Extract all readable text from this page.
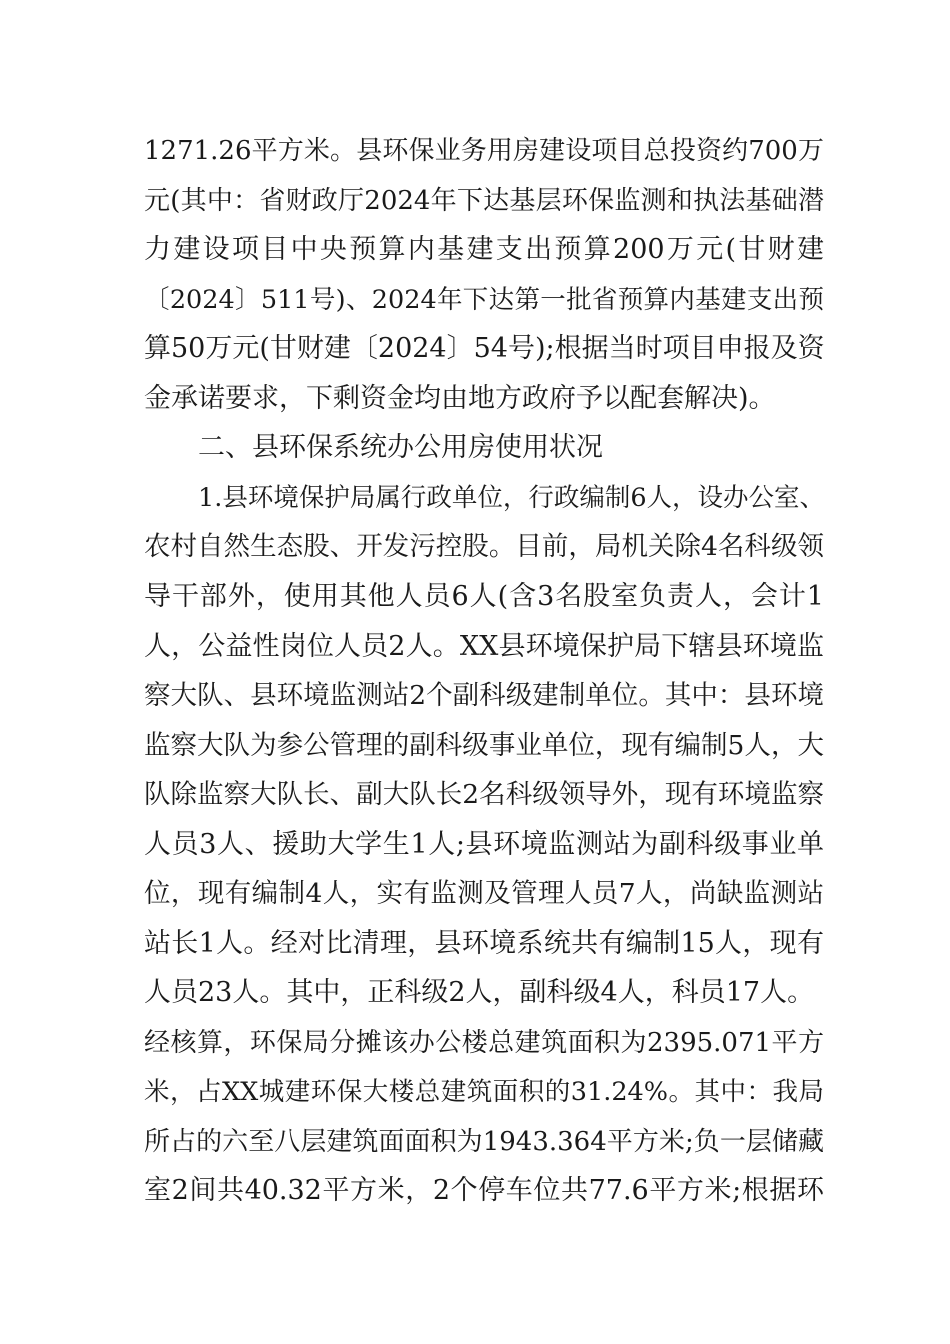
1271.26平方米。县环保业务用房建设项目总投资约700万
元(其中：省财政厅2024年下达基层环保监测和执法基础潜
力建设项目中央预算内基建支出预算200万元(甘财建
〔2024〕511号)、2024年下达第一批省预算内基建支出预
算50万元(甘财建〔2024〕54号);根据当时项目申报及资
金承诺要求，下剩资金均由地方政府予以配套解决)。
二、县环保系统办公用房使用状况
1.县环境保护局属行政单位，行政编制6人，设办公室、
农村自然生态股、开发污控股。目前，局机关除4名科级领
导干部外，使用其他人员6人(含3名股室负责人，会计1
人，公益性岗位人员2人。XX县环境保护局下辖县环境监
察大队、县环境监测站2个副科级建制单位。其中：县环境
监察大队为参公管理的副科级事业单位，现有编制5人，大
队除监察大队长、副大队长2名科级领导外，现有环境监察
人员3人、援助大学生1人;县环境监测站为副科级事业单
位，现有编制4人，实有监测及管理人员7人，尚缺监测站
站长1人。经对比清理，县环境系统共有编制15人，现有
人员23人。其中，正科级2人，副科级4人，科员17人。
经核算，环保局分摊该办公楼总建筑面积为2395.071平方
米，占XX城建环保大楼总建筑面积的31.24%。其中：我局
所占的六至八层建筑面面积为1943.364平方米;负一层储藏
室2间共40.32平方米，2个停车位共77.6平方米;根据环
